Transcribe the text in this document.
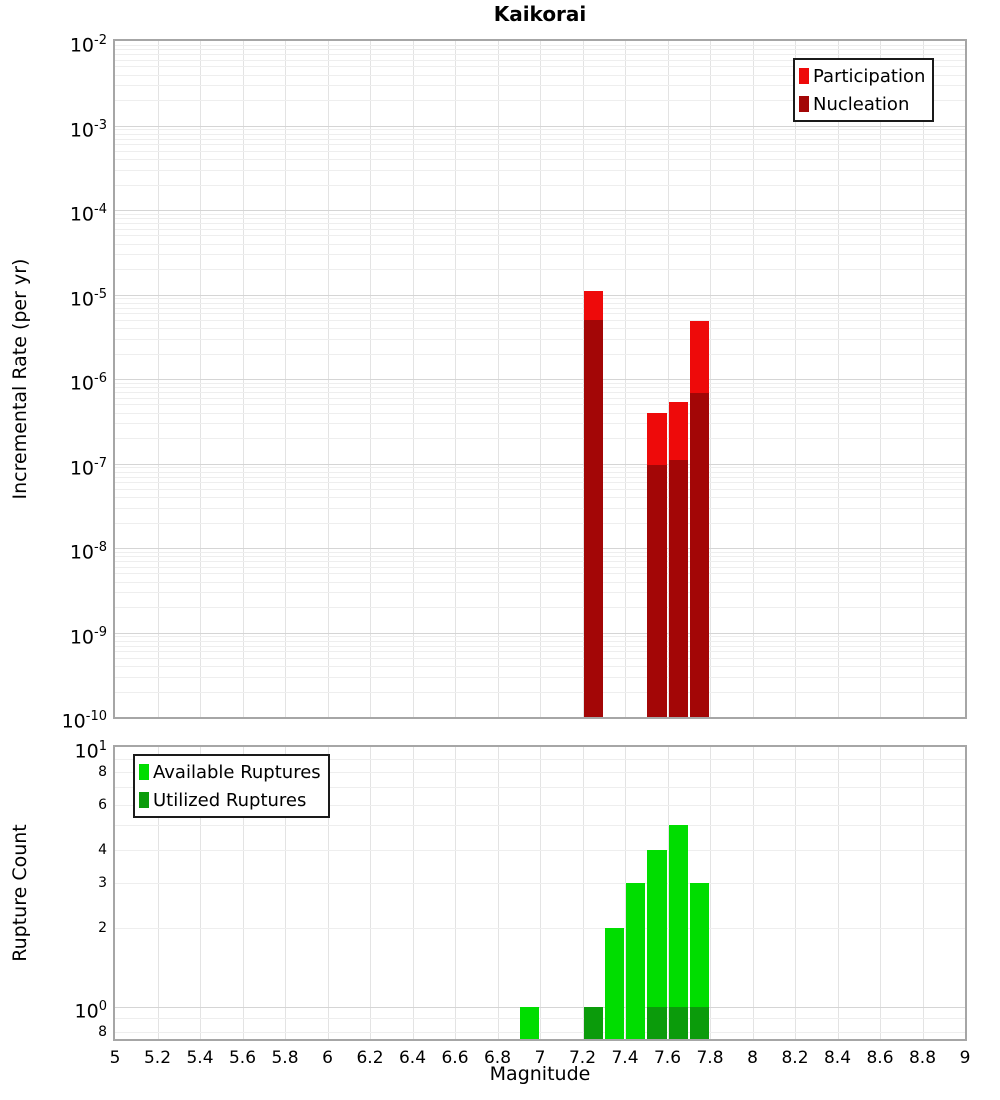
Kaikorai
Incremental Rate (per yr)
Rupture Count
Magnitude
$10^{-10}$
$10^{-9}$
$10^{-8}$
$10^{-7}$
$10^{-6}$
$10^{-5}$
$10^{-4}$
$10^{-3}$
$10^{-2}$
5	5.2 5.4 5.6 5.8	6	6.2 6.4 6.6 6.8	7	7.2 7.4 7.6 7.8	8	8.2 8.4 8.6 8.8	9
$10^0$
$10^1$
8
6
4
3
2
8
Participation
Nucleation
Available Ruptures
Utilized Ruptures
